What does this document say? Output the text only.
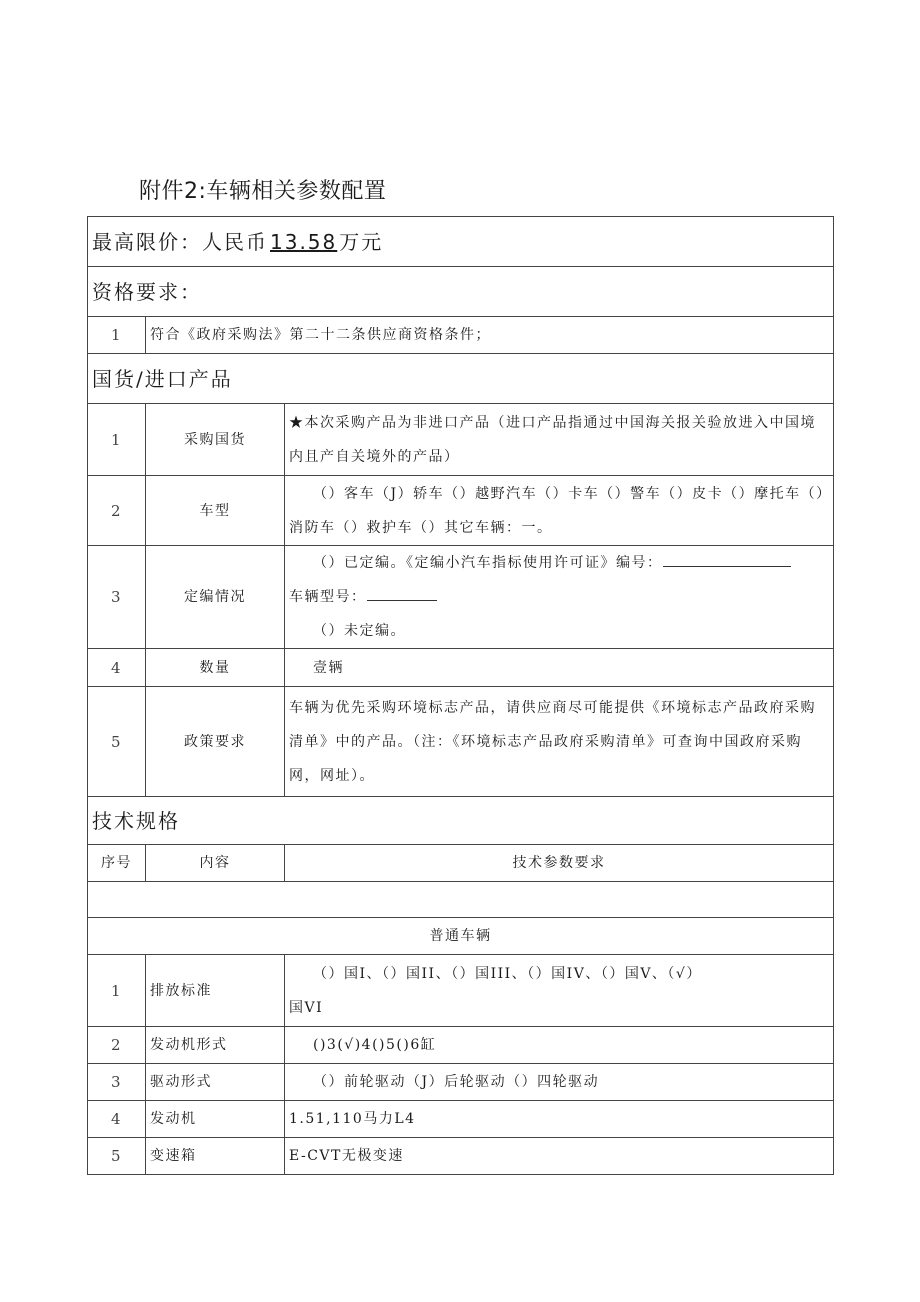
附件2:车辆相关参数配置
最高限价：人民币 13.58 万元		
资格要求：		
1	符合《政府采购法》第二十二条供应商资格条件；	
国货/进口产品		
1	采购国货	★本次采购产品为非进口产品（进口产品指通过中国海关报关验放进入中国境内且产自关境外的产品）
2	车型	（）客车（J）轿车（）越野汽车（）卡车（）警车（）皮卡（）摩托车（）消防车（）救护车（）其它车辆：一。
3	定编情况	（）已定编。《定编小汽车指标使用许可证》编号：
车辆型号：
（）未定编。

4	数量	壹辆
5	政策要求	车辆为优先采购环境标志产品，请供应商尽可能提供《环境标志产品政府采购清单》中的产品。（注：《环境标志产品政府采购清单》可查询中国政府采购网，网址）。
技术规格		
序号	内容	技术参数要求

普通车辆		
1	排放标准	（）国I、（）国II、（）国III、（）国IV、（）国V、（√）
国VI

2	发动机形式	()3(√)4()5()6缸
3	驱动形式	（）前轮驱动（J）后轮驱动（）四轮驱动
4	发动机	1.51,110马力L4
5	变速箱	E-CVT无极变速
